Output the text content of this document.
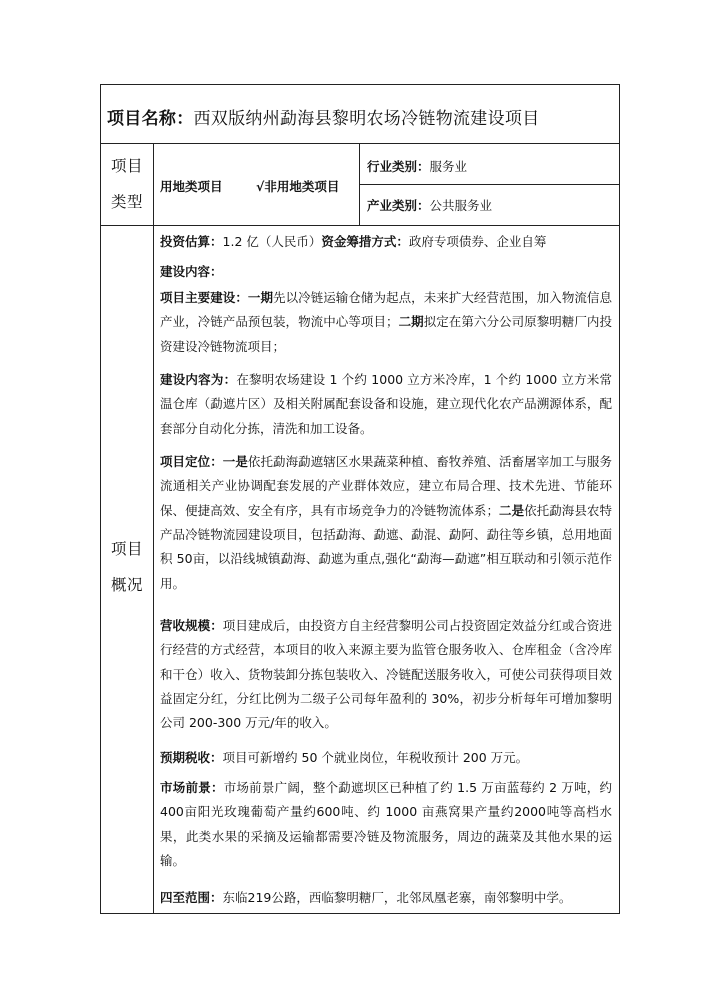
项目名称：西双版纳州勐海县黎明农场冷链物流建设项目
项目
类型
用地类项目	√非用地类项目
行业类别：服务业
产业类别：公共服务业
项目
概况
投资估算：1.2 亿（人民币）资金筹措方式：政府专项债券、企业自筹
建设内容：
项目主要建设：一期先以冷链运输仓储为起点，未来扩大经营范围，加入物流信息产业，冷链产品预包装，物流中心等项目；二期拟定在第六分公司原黎明糖厂内投资建设冷链物流项目；
建设内容为：在黎明农场建设 1 个约 1000 立方米冷库，1 个约 1000 立方米常温仓库（勐遮片区）及相关附属配套设备和设施，建立现代化农产品溯源体系，配套部分自动化分拣，清洗和加工设备。
项目定位：一是依托勐海勐遮辖区水果蔬菜种植、畜牧养殖、活畜屠宰加工与服务流通相关产业协调配套发展的产业群体效应，建立布局合理、技术先进、节能环保、便捷高效、安全有序，具有市场竞争力的冷链物流体系；二是依托勐海县农特产品冷链物流园建设项目，包括勐海、勐遮、勐混、勐阿、勐往等乡镇，总用地面积 50亩，以沿线城镇勐海、勐遮为重点,强化“勐海—勐遮”相互联动和引领示范作用。
营收规模：项目建成后，由投资方自主经营黎明公司占投资固定效益分红或合资进行经营的方式经营，本项目的收入来源主要为监管仓服务收入、仓库租金（含冷库和干仓）收入、货物装卸分拣包装收入、冷链配送服务收入，可使公司获得项目效益固定分红，分红比例为二级子公司每年盈利的 30%，初步分析每年可增加黎明公司 200-300 万元/年的收入。
预期税收：项目可新增约 50 个就业岗位，年税收预计 200 万元。
市场前景：市场前景广阔，整个勐遮坝区已种植了约 1.5 万亩蓝莓约 2 万吨，约 400亩阳光玫瑰葡萄产量约600吨、约 1000 亩燕窝果产量约2000吨等高档水果，此类水果的采摘及运输都需要冷链及物流服务，周边的蔬菜及其他水果的运输。
四至范围：东临219公路，西临黎明糖厂，北邻凤凰老寨，南邻黎明中学。
